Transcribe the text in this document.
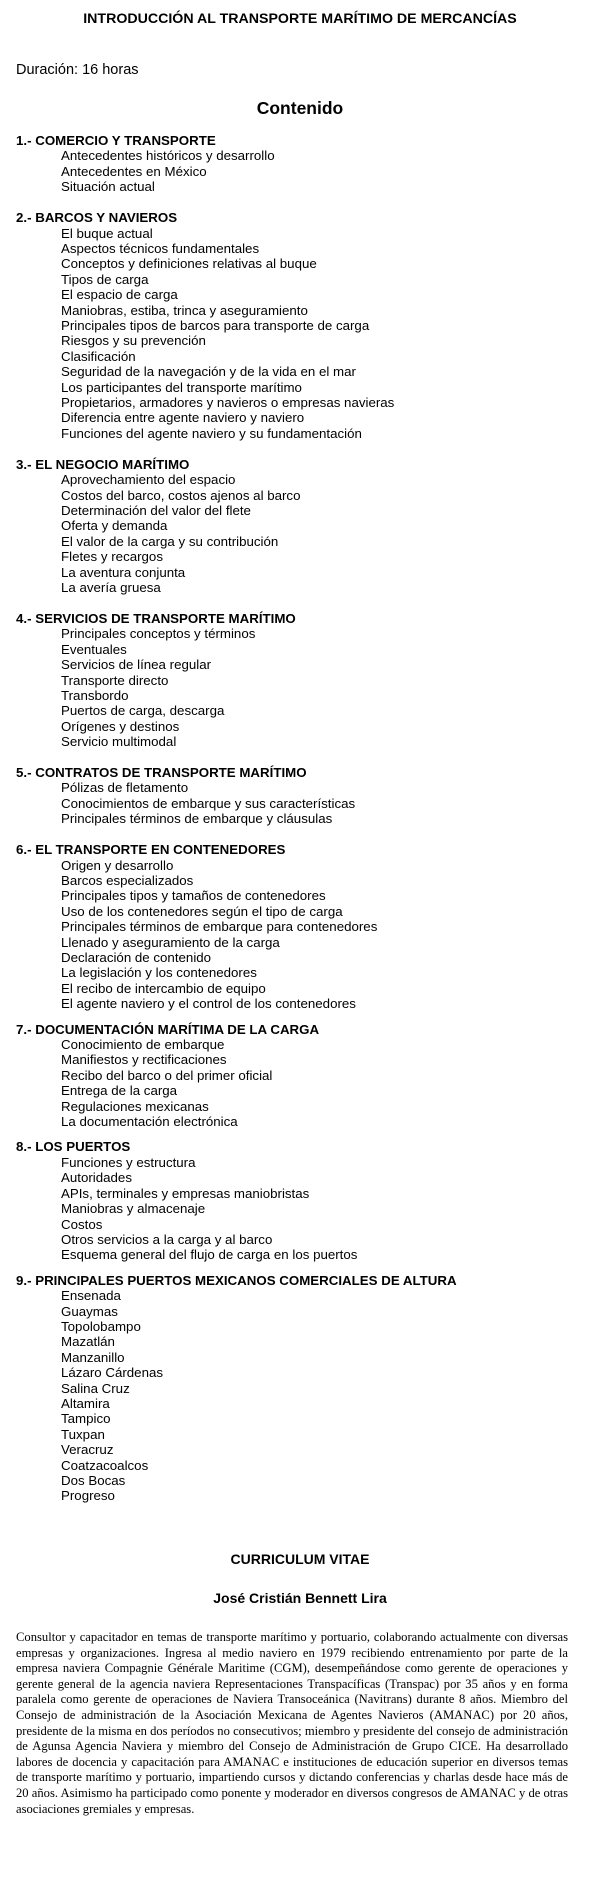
INTRODUCCIÓN AL TRANSPORTE MARÍTIMO DE MERCANCÍAS
Duración: 16 horas
Contenido
1.- COMERCIO Y TRANSPORTE
Antecedentes históricos y desarrollo
Antecedentes en México
Situación actual
2.- BARCOS Y NAVIEROS
El buque actual
Aspectos técnicos fundamentales
Conceptos y definiciones relativas al buque
Tipos de carga
El espacio de carga
Maniobras, estiba, trinca y aseguramiento
Principales tipos de barcos para transporte de carga
Riesgos y su prevención
Clasificación
Seguridad de la navegación y de la vida en el mar
Los participantes del transporte marítimo
Propietarios, armadores y navieros o empresas navieras
Diferencia entre agente naviero y naviero
Funciones del agente naviero y su fundamentación
3.- EL NEGOCIO MARÍTIMO
Aprovechamiento del espacio
Costos del barco, costos ajenos al barco
Determinación del valor del flete
Oferta y demanda
El valor de la carga y su contribución
Fletes y recargos
La aventura conjunta
La avería gruesa
4.- SERVICIOS DE TRANSPORTE MARÍTIMO
Principales conceptos y términos
Eventuales
Servicios de línea regular
Transporte directo
Transbordo
Puertos de carga, descarga
Orígenes y destinos
Servicio multimodal
5.- CONTRATOS DE TRANSPORTE MARÍTIMO
Pólizas de fletamento
Conocimientos de embarque y sus características
Principales términos de embarque y cláusulas
6.- EL TRANSPORTE EN CONTENEDORES
Origen y desarrollo
Barcos especializados
Principales tipos y tamaños de contenedores
Uso de los contenedores según el tipo de carga
Principales términos de embarque para contenedores
Llenado y aseguramiento de la carga
Declaración de contenido
La legislación y los contenedores
El recibo de intercambio de equipo
El agente naviero y el control de los contenedores
7.- DOCUMENTACIÓN MARÍTIMA DE LA CARGA
Conocimiento de embarque
Manifiestos y rectificaciones
Recibo del barco o del primer oficial
Entrega de la carga
Regulaciones mexicanas
La documentación electrónica
8.- LOS PUERTOS
Funciones y estructura
Autoridades
APIs, terminales y empresas maniobristas
Maniobras y almacenaje
Costos
Otros servicios a la carga y al barco
Esquema general del flujo de carga en los puertos
9.- PRINCIPALES PUERTOS MEXICANOS COMERCIALES DE ALTURA
Ensenada
Guaymas
Topolobampo
Mazatlán
Manzanillo
Lázaro Cárdenas
Salina Cruz
Altamira
Tampico
Tuxpan
Veracruz
Coatzacoalcos
Dos Bocas
Progreso
CURRICULUM VITAE
José Cristián Bennett Lira

Consultor y capacitador en temas de transporte marítimo y portuario, colaborando actualmente con diversas empresas y organizaciones. Ingresa al medio naviero en 1979 recibiendo entrenamiento por parte de la empresa naviera Compagnie Générale Maritime (CGM), desempeñándose como gerente de operaciones y gerente general de la agencia naviera Representaciones Transpacíficas (Transpac) por 35 años y en forma paralela como gerente de operaciones de Naviera Transoceánica (Navitrans) durante 8 años. Miembro del Consejo de administración de la Asociación Mexicana de Agentes Navieros (AMANAC) por 20 años, presidente de la misma en dos períodos no consecutivos; miembro y presidente del consejo de administración de Agunsa Agencia Naviera y miembro del Consejo de Administración de Grupo CICE. Ha desarrollado labores de docencia y capacitación para AMANAC e instituciones de educación superior en diversos temas de transporte marítimo y portuario, impartiendo cursos y dictando conferencias y charlas desde hace más de 20 años. Asimismo ha participado como ponente y moderador en diversos congresos de AMANAC y de otras asociaciones gremiales y empresas.
